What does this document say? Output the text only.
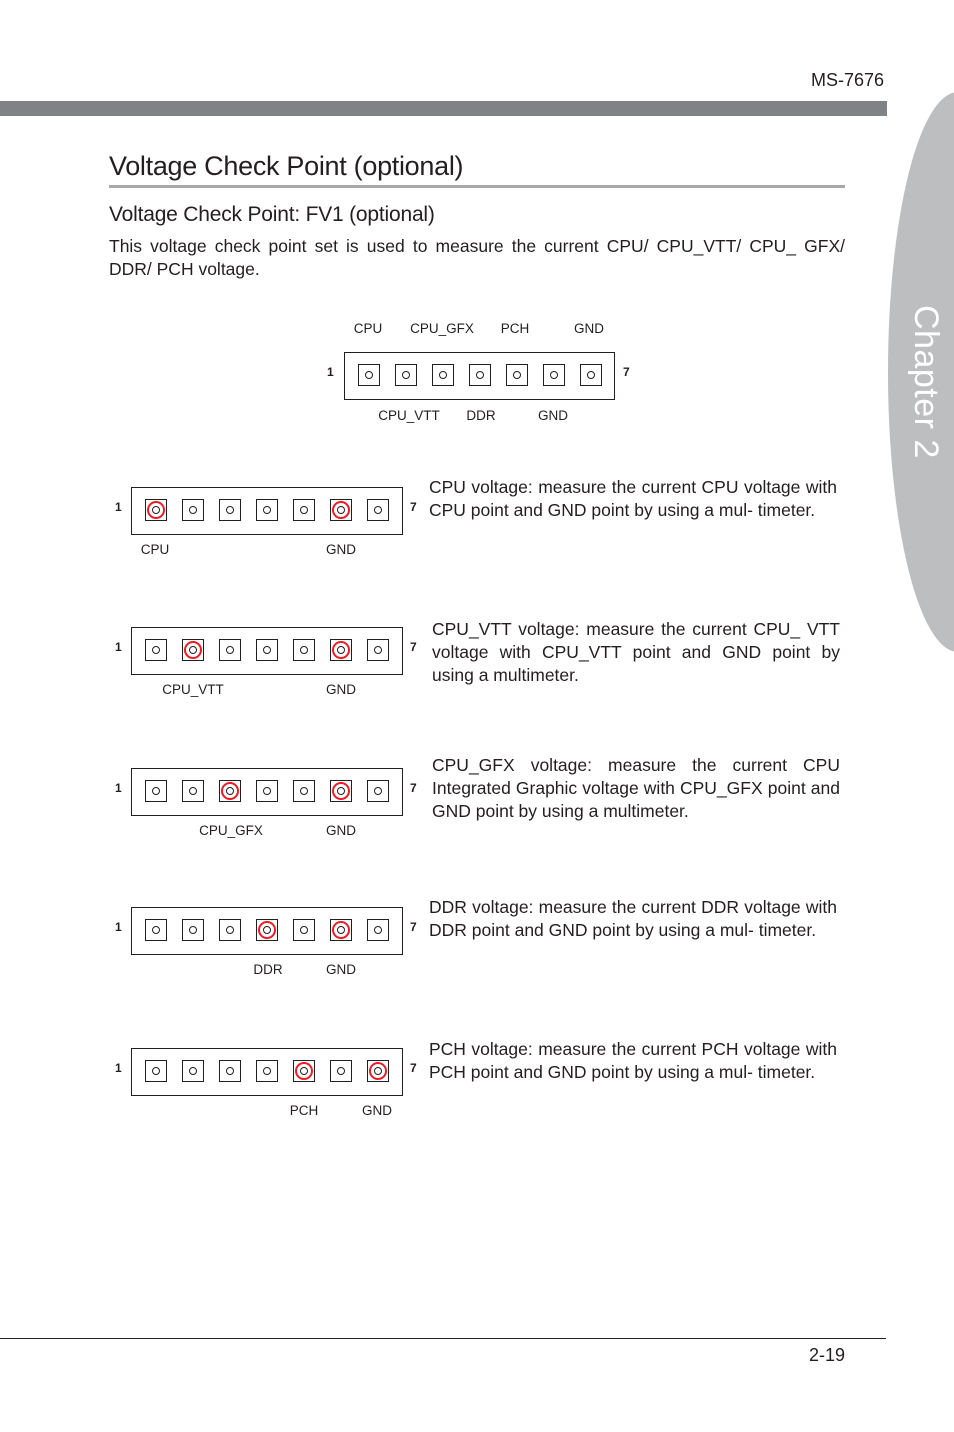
MS-7676
Chapter 2
Voltage Check Point (optional)
Voltage Check Point: FV1 (optional)
This voltage check point set is used to measure the current CPU/ CPU_VTT/ CPU_ GFX/ DDR/ PCH voltage.
CPU CPU_GFX PCH	GND
1	7
CPU_VTT DDR	GND
1	7
CPU	GND
CPU voltage: measure the current CPU voltage with CPU point and GND point by using a mul- timeter.
1	7
CPU_VTT	GND
CPU_VTT voltage: measure the current CPU_ VTT voltage with CPU_VTT point and GND point by using a multimeter.
1	7
CPU_GFX	GND
CPU_GFX voltage: measure the current CPU Integrated Graphic voltage with CPU_GFX point and GND point by using a multimeter.
1	7
DDR	GND
DDR voltage: measure the current DDR voltage with DDR point and GND point by using a mul- timeter.
1	7
PCH	GND
PCH voltage: measure the current PCH voltage with PCH point and GND point by using a mul- timeter.
2-19
